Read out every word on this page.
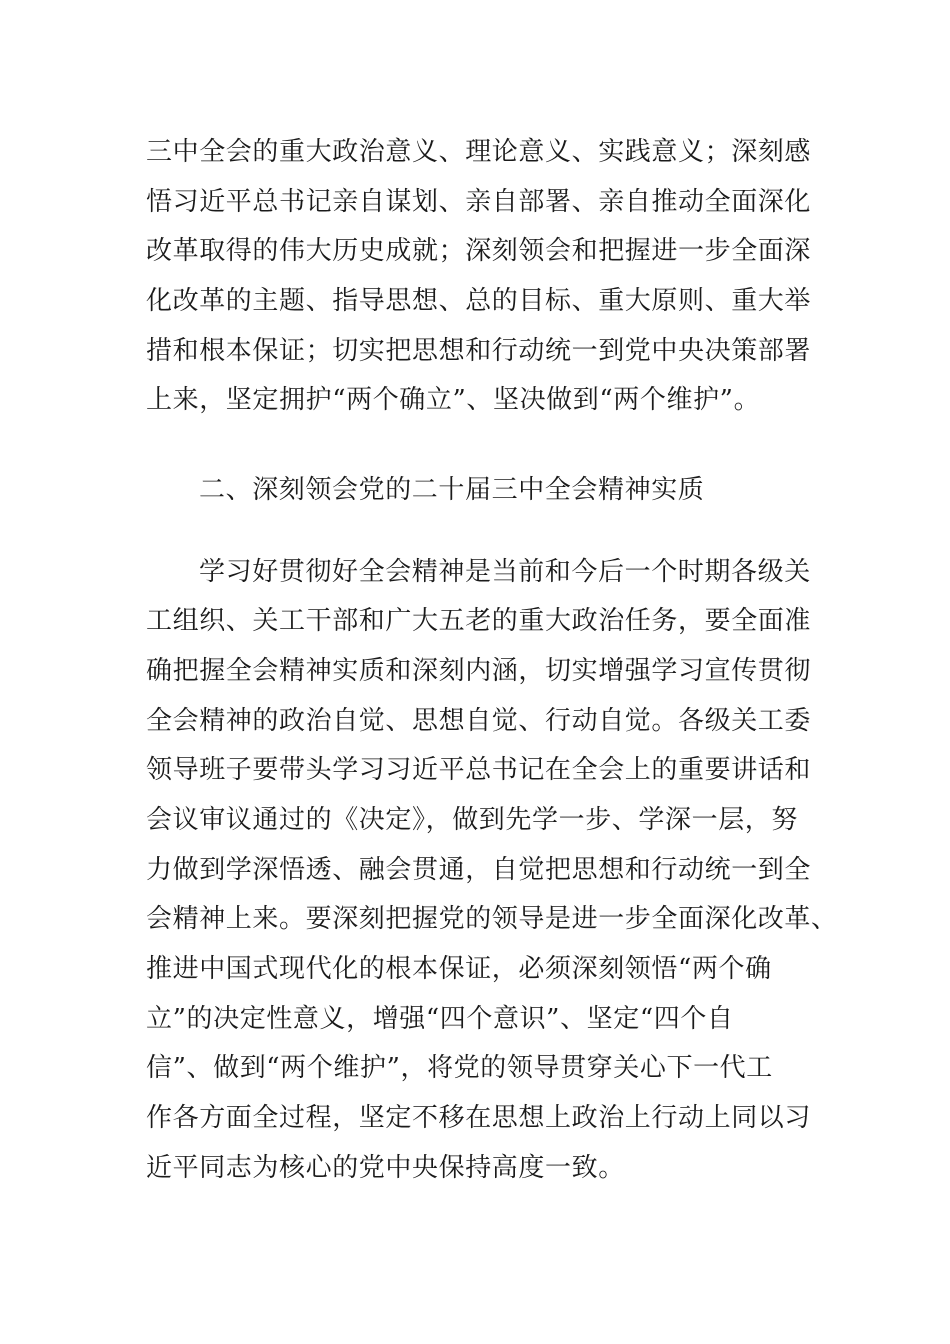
三中全会的重大政治意义、理论意义、实践意义；深刻感
悟习近平总书记亲自谋划、亲自部署、亲自推动全面深化
改革取得的伟大历史成就；深刻领会和把握进一步全面深
化改革的主题、指导思想、总的目标、重大原则、重大举
措和根本保证；切实把思想和行动统一到党中央决策部署
上来，坚定拥护“两个确立”、坚决做到“两个维护”。
二、深刻领会党的二十届三中全会精神实质
学习好贯彻好全会精神是当前和今后一个时期各级关
工组织、关工干部和广大五老的重大政治任务，要全面准
确把握全会精神实质和深刻内涵，切实增强学习宣传贯彻
全会精神的政治自觉、思想自觉、行动自觉。各级关工委
领导班子要带头学习习近平总书记在全会上的重要讲话和
会议审议通过的《决定》，做到先学一步、学深一层，努
力做到学深悟透、融会贯通，自觉把思想和行动统一到全
会精神上来。要深刻把握党的领导是进一步全面深化改革、
推进中国式现代化的根本保证，必须深刻领悟“两个确
立”的决定性意义，增强“四个意识”、坚定“四个自
信”、做到“两个维护”，将党的领导贯穿关心下一代工
作各方面全过程，坚定不移在思想上政治上行动上同以习
近平同志为核心的党中央保持高度一致。
